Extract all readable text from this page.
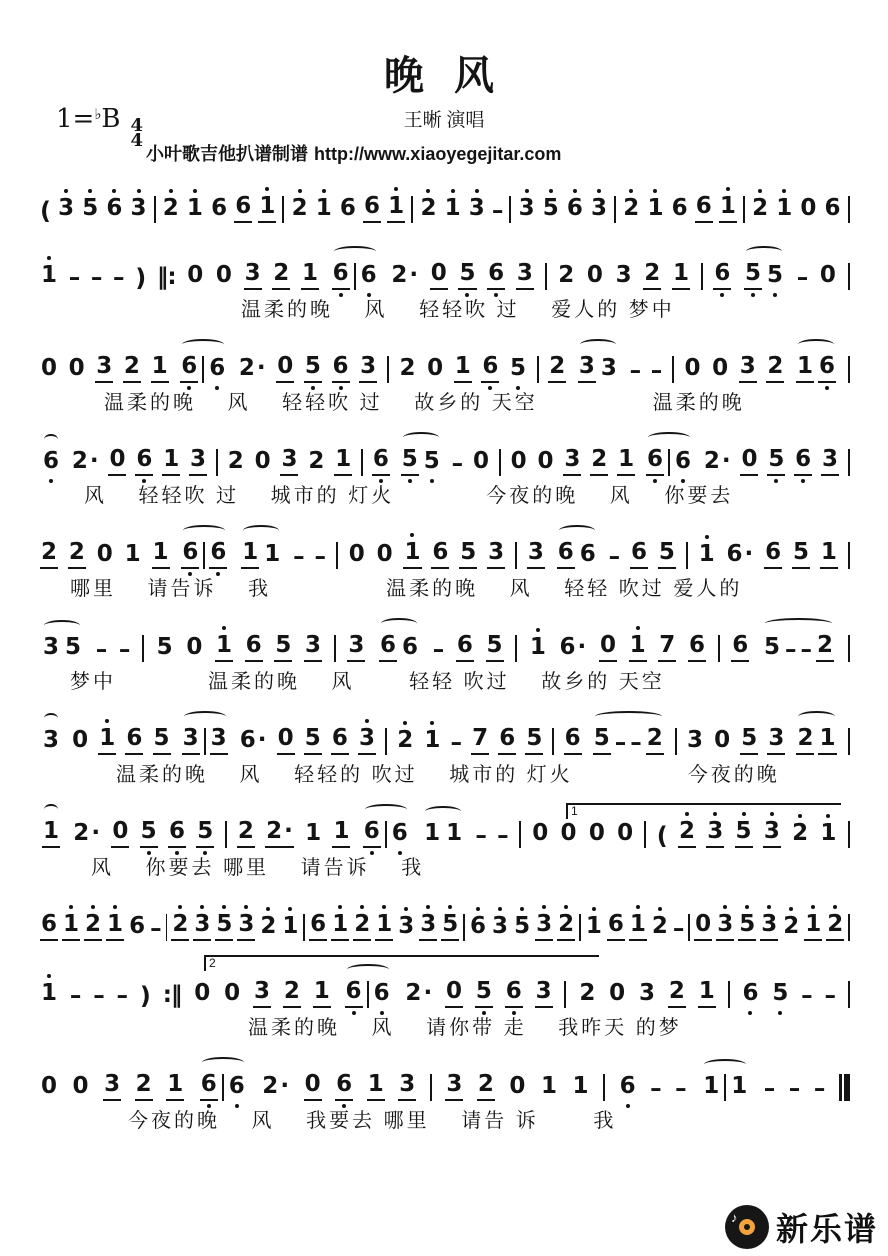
晚 风
王晰 演唱
1=♭B 4
4
小叶歌吉他扒谱制谱 http://www.xiaoyegejitar.com
( 3 5 6 3 2 1 6 6 1 2 1 6 6 1 2 1 3 – 3 5 6 3 2 1 6 6 1 2 1 0 6
1 – – – ) ‖: 0 0 3 2 1 6 6 2· 0 5 6 3 2 0 3 2 1 6 5 5 – 0
温柔的晚　 风　 轻轻吹 过　 爱人的 梦中
0 0 3 2 1 6 6 2· 0 5 6 3 2 0 1 6 5 2 3 3 – – 0 0 3 2 1 6
温柔的晚　 风　 轻轻吹 过　 故乡的 天空　　　　　温柔的晚
6 2· 0 6 1 3 2 0 3 2 1 6 5 5 – 0 0 0 3 2 1 6 6 2· 0 5 6 3
风　 轻轻吹 过　 城市的 灯火　　　　今夜的晚　 风　 你要去
2 2 0 1 1 6 6 1 1 – – 0 0 1 6 5 3 3 6 6 – 6 5 1 6· 6 5 1
哪里　 请告诉　 我　　　　　温柔的晚　 风　 轻轻 吹过 爱人的
3 5 – – 5 0 1 6 5 3 3 6 6 – 6 5 1 6· 0 1 7 6 6 5 – – 2
梦中　　　　温柔的晚　 风　　 轻轻 吹过　 故乡的 天空
3 0 1 6 5 3 3 6· 0 5 6 3 2 1 – 7 6 5 6 5 – – 2 3 0 5 3 2 1
温柔的晚　 风　 轻轻的 吹过　 城市的 灯火　　　　　今夜的晚
1
1 2· 0 5 6 5 2 2· 1 1 6 6 1 1 – – 0 0 0 0 ( 2 3 5 3 2 1
风　 你要去 哪里　 请告诉　 我
6 1 2 1 6 – 2 3 5 3 2 1 6 1 2 1 3 3 5 6 3 5 3 2 1 6 1 2 – 0 3 5 3 2 1 2
2
1 – – – ) :‖ 0 0 3 2 1 6 6 2· 0 5 6 3 2 0 3 2 1 6 5 – –
温柔的晚　 风　 请你带 走　 我昨天 的梦
0 0 3 2 1 6 6 2· 0 6 1 3 3 2 0 1 1 6 – – 1 1 – – –
今夜的晚　 风　 我要去 哪里　 请告 诉　　 我
♪
新乐谱
